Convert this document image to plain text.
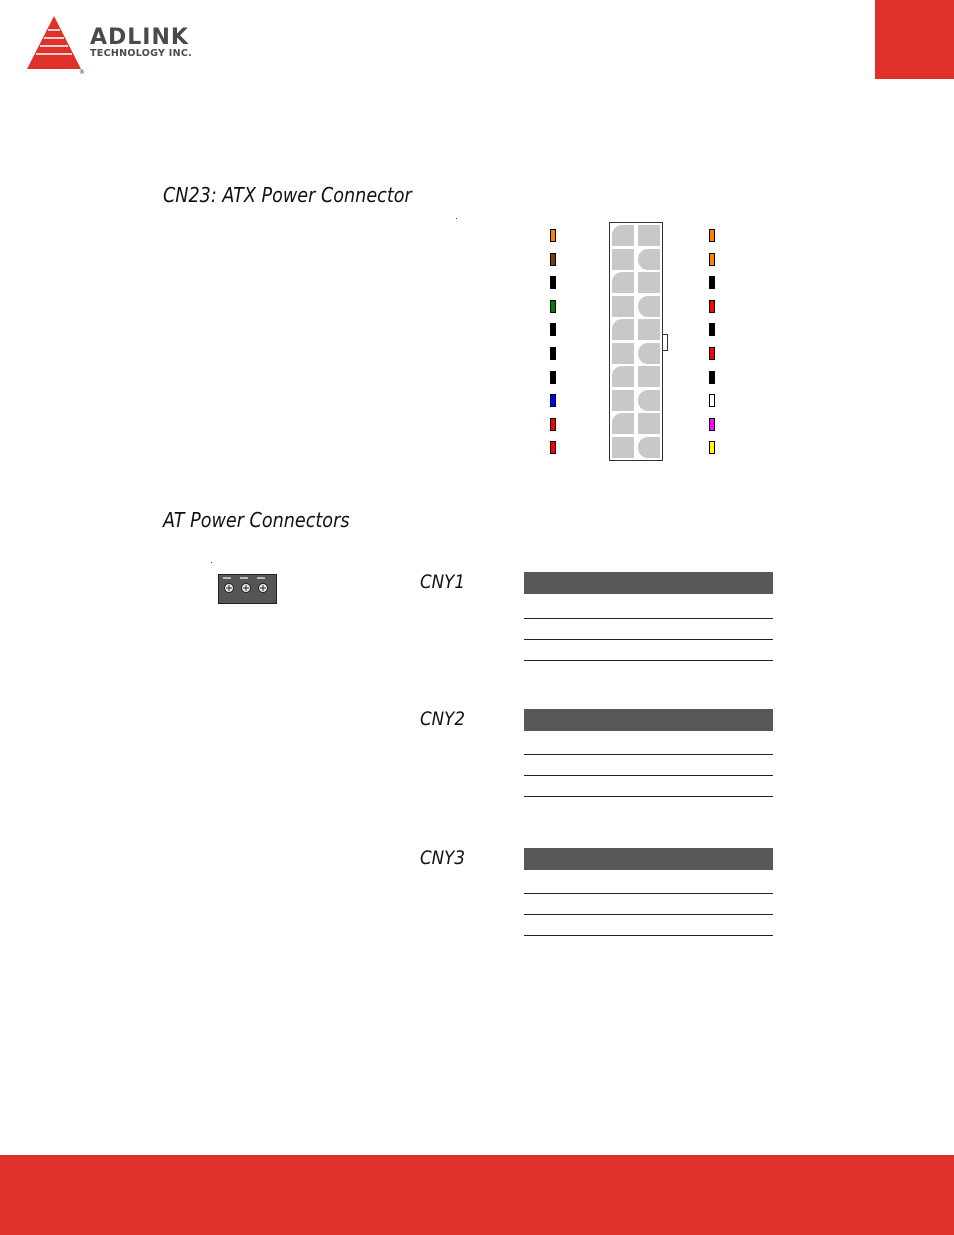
®
ADLINK
TECHNOLOGY INC.
CN23: ATX Power Connector
AT Power Connectors
CNY1
CNY2
CNY3
